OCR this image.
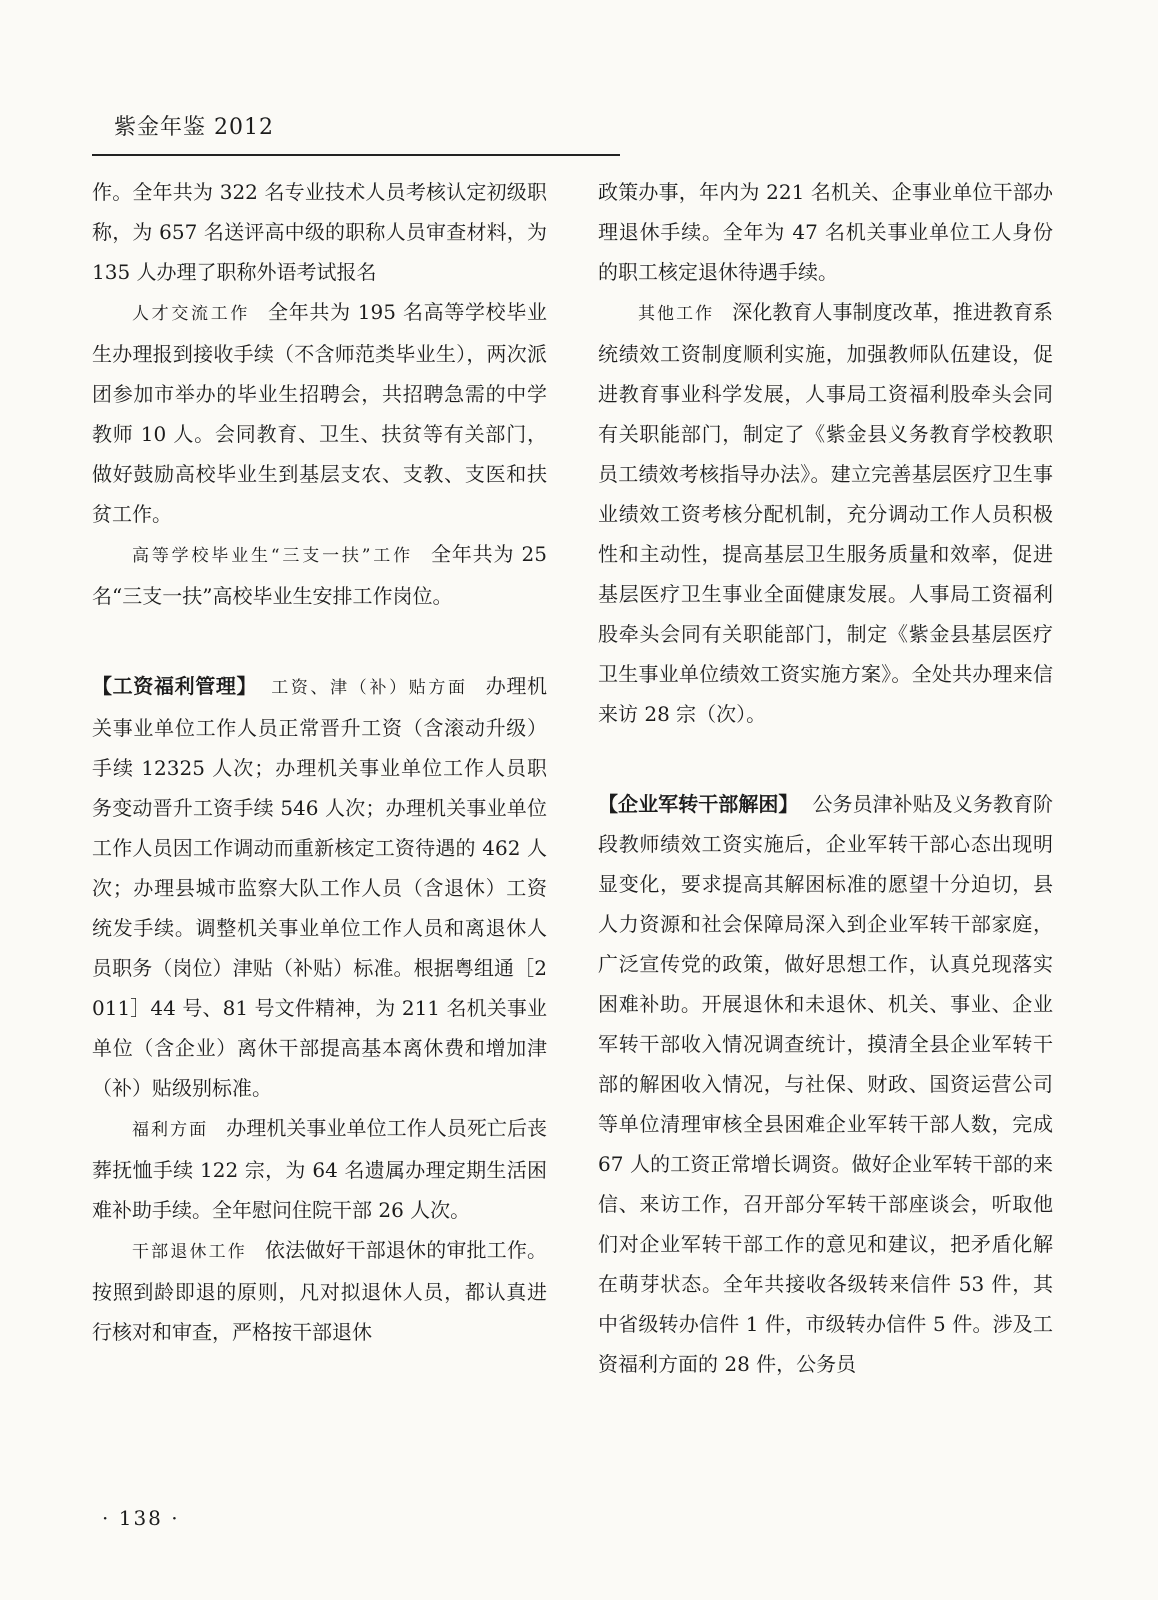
紫金年鉴 2012

作。全年共为 322 名专业技术人员考核认定初级职称，为 657 名送评高中级的职称人员审查材料，为 135 人办理了职称外语考试报名

人才交流工作 全年共为 195 名高等学校毕业生办理报到接收手续（不含师范类毕业生），两次派团参加市举办的毕业生招聘会，共招聘急需的中学教师 10 人。会同教育、卫生、扶贫等有关部门，做好鼓励高校毕业生到基层支农、支教、支医和扶贫工作。

高等学校毕业生“三支一扶”工作 全年共为 25 名“三支一扶”高校毕业生安排工作岗位。

【工资福利管理】 工资、津（补）贴方面 办理机关事业单位工作人员正常晋升工资（含滚动升级）手续 12325 人次；办理机关事业单位工作人员职务变动晋升工资手续 546 人次；办理机关事业单位工作人员因工作调动而重新核定工资待遇的 462 人次；办理县城市监察大队工作人员（含退休）工资统发手续。调整机关事业单位工作人员和离退休人员职务（岗位）津贴（补贴）标准。根据粤组通［2011］44 号、81 号文件精神，为 211 名机关事业单位（含企业）离休干部提高基本离休费和增加津（补）贴级别标准。

福利方面 办理机关事业单位工作人员死亡后丧葬抚恤手续 122 宗，为 64 名遗属办理定期生活困难补助手续。全年慰问住院干部 26 人次。

干部退休工作 依法做好干部退休的审批工作。按照到龄即退的原则，凡对拟退休人员，都认真进行核对和审查，严格按干部退休

政策办事，年内为 221 名机关、企事业单位干部办理退休手续。全年为 47 名机关事业单位工人身份的职工核定退休待遇手续。

其他工作 深化教育人事制度改革，推进教育系统绩效工资制度顺利实施，加强教师队伍建设，促进教育事业科学发展，人事局工资福利股牵头会同有关职能部门，制定了《紫金县义务教育学校教职员工绩效考核指导办法》。建立完善基层医疗卫生事业绩效工资考核分配机制，充分调动工作人员积极性和主动性，提高基层卫生服务质量和效率，促进基层医疗卫生事业全面健康发展。人事局工资福利股牵头会同有关职能部门，制定《紫金县基层医疗卫生事业单位绩效工资实施方案》。全处共办理来信来访 28 宗（次）。

【企业军转干部解困】 公务员津补贴及义务教育阶段教师绩效工资实施后，企业军转干部心态出现明显变化，要求提高其解困标准的愿望十分迫切，县人力资源和社会保障局深入到企业军转干部家庭，广泛宣传党的政策，做好思想工作，认真兑现落实困难补助。开展退休和未退休、机关、事业、企业军转干部收入情况调查统计，摸清全县企业军转干部的解困收入情况，与社保、财政、国资运营公司等单位清理审核全县困难企业军转干部人数，完成 67 人的工资正常增长调资。做好企业军转干部的来信、来访工作，召开部分军转干部座谈会，听取他们对企业军转干部工作的意见和建议，把矛盾化解在萌芽状态。全年共接收各级转来信件 53 件，其中省级转办信件 1 件，市级转办信件 5 件。涉及工资福利方面的 28 件，公务员

· 138 ·
